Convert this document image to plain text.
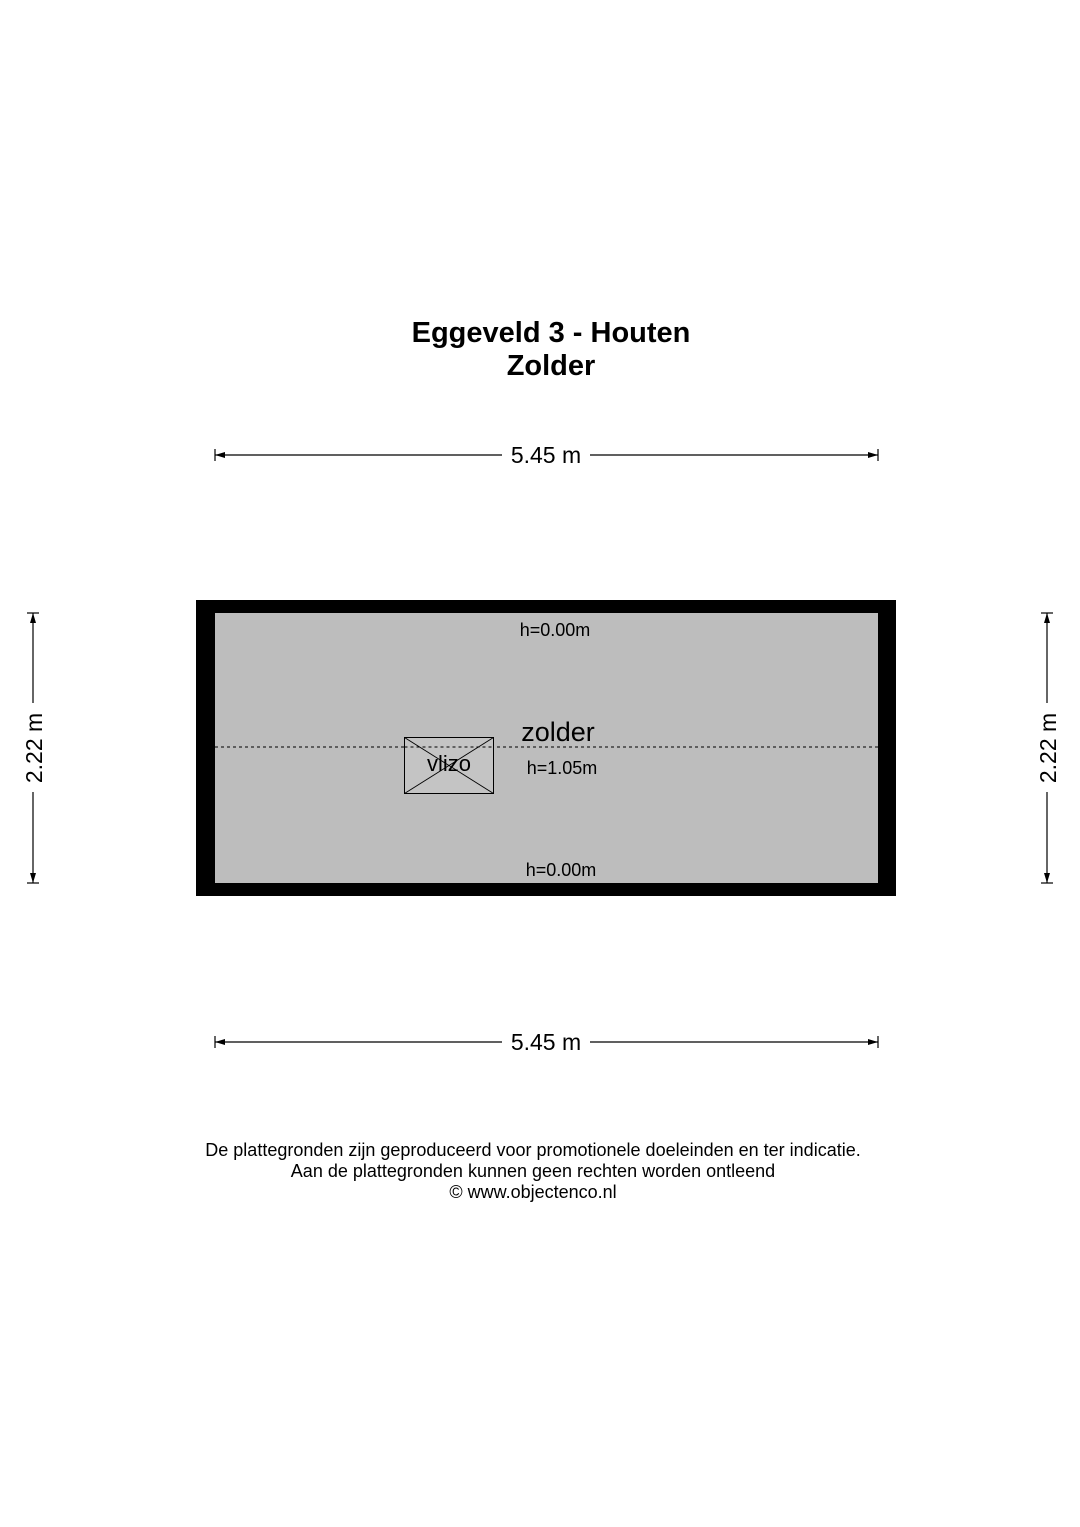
Eggeveld 3 - Houten
Zolder
5.45 m
5.45 m
2.22 m	2.22 m
vlizo
h=0.00m
zolder
h=1.05m
h=0.00m
De plattegronden zijn geproduceerd voor promotionele doeleinden en ter indicatie.
Aan de plattegronden kunnen geen rechten worden ontleend
© www.objectenco.nl
